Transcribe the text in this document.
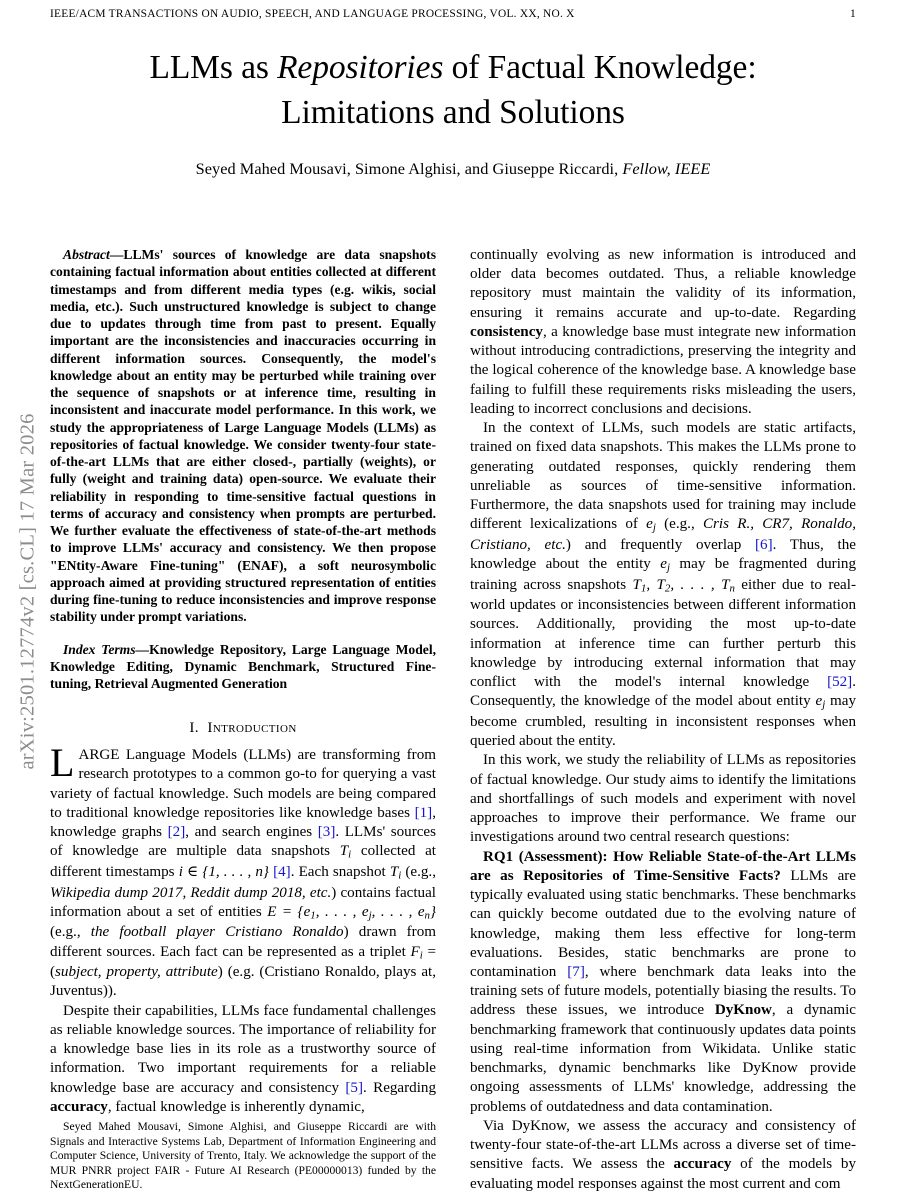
arXiv:2501.12774v2 [cs.CL] 17 Mar 2026
IEEE/ACM TRANSACTIONS ON AUDIO, SPEECH, AND LANGUAGE PROCESSING, VOL. XX, NO. X	1
LLMs as Repositories of Factual Knowledge:
Limitations and Solutions
Seyed Mahed Mousavi, Simone Alghisi, and Giuseppe Riccardi, Fellow, IEEE

Abstract—LLMs' sources of knowledge are data snapshots containing factual information about entities collected at different timestamps and from different media types (e.g. wikis, social media, etc.). Such unstructured knowledge is subject to change due to updates through time from past to present. Equally important are the inconsistencies and inaccuracies occurring in different information sources. Consequently, the model's knowledge about an entity may be perturbed while training over the sequence of snapshots or at inference time, resulting in inconsistent and inaccurate model performance. In this work, we study the appropriateness of Large Language Models (LLMs) as repositories of factual knowledge. We consider twenty-four state-of-the-art LLMs that are either closed-, partially (weights), or fully (weight and training data) open-source. We evaluate their reliability in responding to time-sensitive factual questions in terms of accuracy and consistency when prompts are perturbed. We further evaluate the effectiveness of state-of-the-art methods to improve LLMs' accuracy and consistency. We then propose "ENtity-Aware Fine-tuning" (ENAF), a soft neurosymbolic approach aimed at providing structured representation of entities during fine-tuning to reduce inconsistencies and improve response stability under prompt variations.

Index Terms—Knowledge Repository, Large Language Model, Knowledge Editing, Dynamic Benchmark, Structured Fine-tuning, Retrieval Augmented Generation

I. Introduction

LARGE Language Models (LLMs) are transforming from research prototypes to a common go-to for querying a vast variety of factual knowledge. Such models are being compared to traditional knowledge repositories like knowledge bases [1], knowledge graphs [2], and search engines [3]. LLMs' sources of knowledge are multiple data snapshots Ti collected at different timestamps i ∈ {1, . . . , n} [4]. Each snapshot Ti (e.g., Wikipedia dump 2017, Reddit dump 2018, etc.) contains factual information about a set of entities E = {e1, . . . , ej, . . . , en} (e.g., the football player Cristiano Ronaldo) drawn from different sources. Each fact can be represented as a triplet Fi = (subject, property, attribute) (e.g. (Cristiano Ronaldo, plays at, Juventus)).

Despite their capabilities, LLMs face fundamental challenges as reliable knowledge sources. The importance of reliability for a knowledge base lies in its role as a trustworthy source of information. Two important requirements for a reliable knowledge base are accuracy and consistency [5]. Regarding accuracy, factual knowledge is inherently dynamic,

continually evolving as new information is introduced and older data becomes outdated. Thus, a reliable knowledge repository must maintain the validity of its information, ensuring it remains accurate and up-to-date. Regarding consistency, a knowledge base must integrate new information without introducing contradictions, preserving the integrity and the logical coherence of the knowledge base. A knowledge base failing to fulfill these requirements risks misleading the users, leading to incorrect conclusions and decisions.

In the context of LLMs, such models are static artifacts, trained on fixed data snapshots. This makes the LLMs prone to generating outdated responses, quickly rendering them unreliable as sources of time-sensitive information. Furthermore, the data snapshots used for training may include different lexicalizations of ej (e.g., Cris R., CR7, Ronaldo, Cristiano, etc.) and frequently overlap [6]. Thus, the knowledge about the entity ej may be fragmented during training across snapshots T1, T2, . . . , Tn either due to real-world updates or inconsistencies between different information sources. Additionally, providing the most up-to-date information at inference time can further perturb this knowledge by introducing external information that may conflict with the model's internal knowledge [52]. Consequently, the knowledge of the model about entity ej may become crumbled, resulting in inconsistent responses when queried about the entity.

In this work, we study the reliability of LLMs as repositories of factual knowledge. Our study aims to identify the limitations and shortfallings of such models and experiment with novel approaches to improve their performance. We frame our investigations around two central research questions:

RQ1 (Assessment): How Reliable State-of-the-Art LLMs are as Repositories of Time-Sensitive Facts? LLMs are typically evaluated using static benchmarks. These benchmarks can quickly become outdated due to the evolving nature of knowledge, making them less effective for long-term evaluations. Besides, static benchmarks are prone to contamination [7], where benchmark data leaks into the training sets of future models, potentially biasing the results. To address these issues, we introduce DyKnow, a dynamic benchmarking framework that continuously updates data points using real-time information from Wikidata. Unlike static benchmarks, dynamic benchmarks like DyKnow provide ongoing assessments of LLMs' knowledge, addressing the problems of outdatedness and data contamination.

Via DyKnow, we assess the accuracy and consistency of twenty-four state-of-the-art LLMs across a diverse set of time-sensitive facts. We assess the accuracy of the models by evaluating model responses against the most current and com

Seyed Mahed Mousavi, Simone Alghisi, and Giuseppe Riccardi are with Signals and Interactive Systems Lab, Department of Information Engineering and Computer Science, University of Trento, Italy. We acknowledge the support of the MUR PNRR project FAIR - Future AI Research (PE00000013) funded by the NextGenerationEU.
